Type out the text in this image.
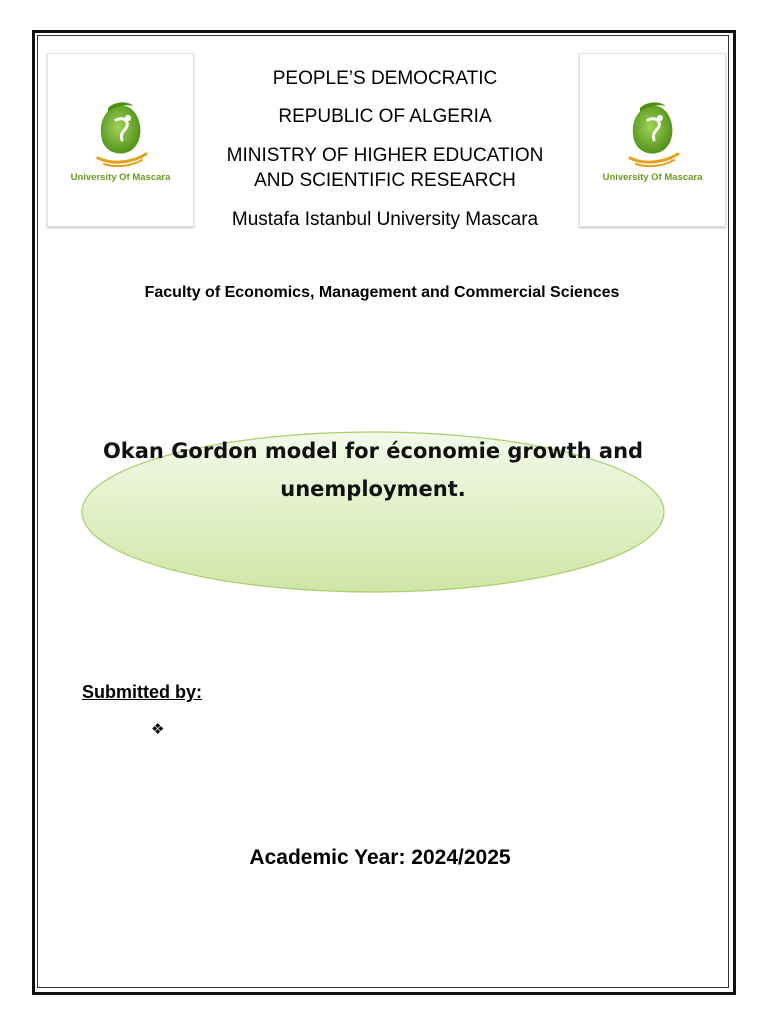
University Of Mascara	University Of Mascara
PEOPLE’S DEMOCRATIC
REPUBLIC OF ALGERIA
MINISTRY OF HIGHER EDUCATION
AND SCIENTIFIC RESEARCH
Mustafa Istanbul University Mascara
Faculty of Economics, Management and Commercial Sciences
Okan Gordon model for économie growth and
unemployment.
Submitted by:
❖
Academic Year: 2024/2025
